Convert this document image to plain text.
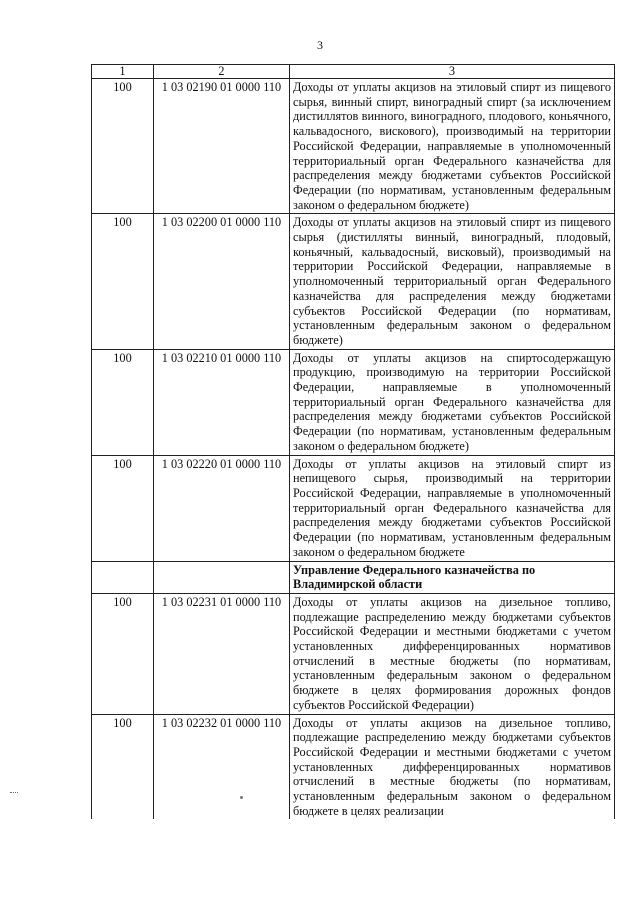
3
1	2	3
100	1 03 02190 01 0000 110	Доходы от уплаты акцизов на этиловый спирт из пищевого сырья, винный спирт, виноградный спирт (за исключением дистиллятов винного, виноградного, плодового, коньячного, кальвадосного, вискового), производимый на территории Российской Федерации, направляемые в уполномоченный территориальный орган Федерального казначейства для распределения между бюджетами субъектов Российской Федерации (по нормативам, установленным федеральным законом о федеральном бюджете)
100	1 03 02200 01 0000 110	Доходы от уплаты акцизов на этиловый спирт из пищевого сырья (дистилляты винный, виноградный, плодовый, коньячный, кальвадосный, висковый), производимый на территории Российской Федерации, направляемые в уполномоченный территориальный орган Федерального казначейства для распределения между бюджетами субъектов Российской Федерации (по нормативам, установленным федеральным законом о федеральном бюджете)
100	1 03 02210 01 0000 110	Доходы от уплаты акцизов на спиртосодержащую продукцию, производимую на территории Российской Федерации, направляемые в уполномоченный территориальный орган Федерального казначейства для распределения между бюджетами субъектов Российской Федерации (по нормативам, установленным федеральным законом о федеральном бюджете)
100	1 03 02220 01 0000 110	Доходы от уплаты акцизов на этиловый спирт из непищевого сырья, производимый на территории Российской Федерации, направляемые в уполномоченный территориальный орган Федерального казначейства для распределения между бюджетами субъектов Российской Федерации (по нормативам, установленным федеральным законом о федеральном бюджете
		Управление Федерального казначейства по Владимирской области
100	1 03 02231 01 0000 110	Доходы от уплаты акцизов на дизельное топливо, подлежащие распределению между бюджетами субъектов Российской Федерации и местными бюджетами с учетом установленных дифференцированных нормативов отчислений в местные бюджеты (по нормативам, установленным федеральным законом о федеральном бюджете в целях формирования дорожных фондов субъектов Российской Федерации)
100	1 03 02232 01 0000 110	Доходы от уплаты акцизов на дизельное топливо, подлежащие распределению между бюджетами субъектов Российской Федерации и местными бюджетами с учетом установленных дифференцированных нормативов отчислений в местные бюджеты (по нормативам, установленным федеральным законом о федеральном бюджете в целях реализации
